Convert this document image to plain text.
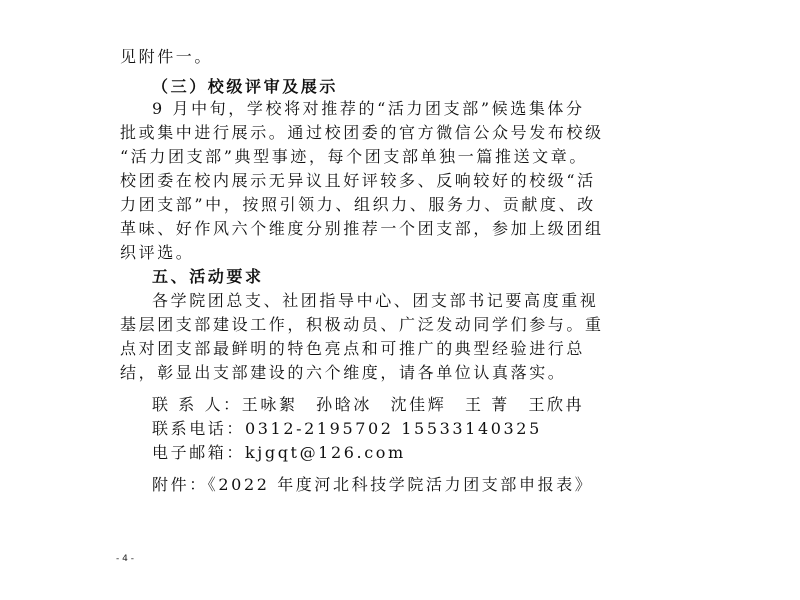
见附件一。
（三）校级评审及展示
9 月中旬，学校将对推荐的“活力团支部”候选集体分
批或集中进行展示。通过校团委的官方微信公众号发布校级
“活力团支部”典型事迹，每个团支部单独一篇推送文章。
校团委在校内展示无异议且好评较多、反响较好的校级“活
力团支部”中，按照引领力、组织力、服务力、贡献度、改
革味、好作风六个维度分别推荐一个团支部，参加上级团组
织评选。
五、活动要求
各学院团总支、社团指导中心、团支部书记要高度重视
基层团支部建设工作，积极动员、广泛发动同学们参与。重
点对团支部最鲜明的特色亮点和可推广的典型经验进行总
结，彰显出支部建设的六个维度，请各单位认真落实。
联 系 人：王咏絮　孙晗冰　沈佳辉　王 菁　王欣冉
联系电话：0312-2195702 15533140325
电子邮箱：kjgqt@126.com
附件：《2022 年度河北科技学院活力团支部申报表》
- 4 -
